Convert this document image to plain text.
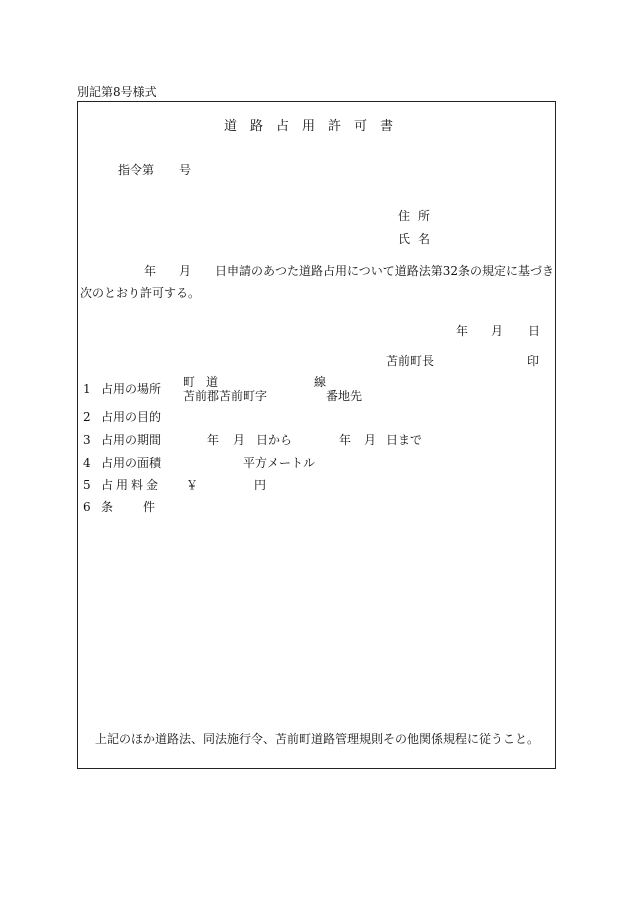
別記第8号様式
道路占用許可書
指令第 号
住所
氏名
年 月 日申請のあつた道路占用について道路法第32条の規定に基づき
次のとおり許可する。
年 月 日
苫前町長	印
1 占用の場所 町道	線
苫前郡苫前町字	番地先
2 占用の目的
3 占用の期間	年 月 日から	年 月 日まで
4 占用の面積	平方メートル
5 占用料金 ￥	円
6 条件
上記のほか道路法、同法施行令、苫前町道路管理規則その他関係規程に従うこと。
